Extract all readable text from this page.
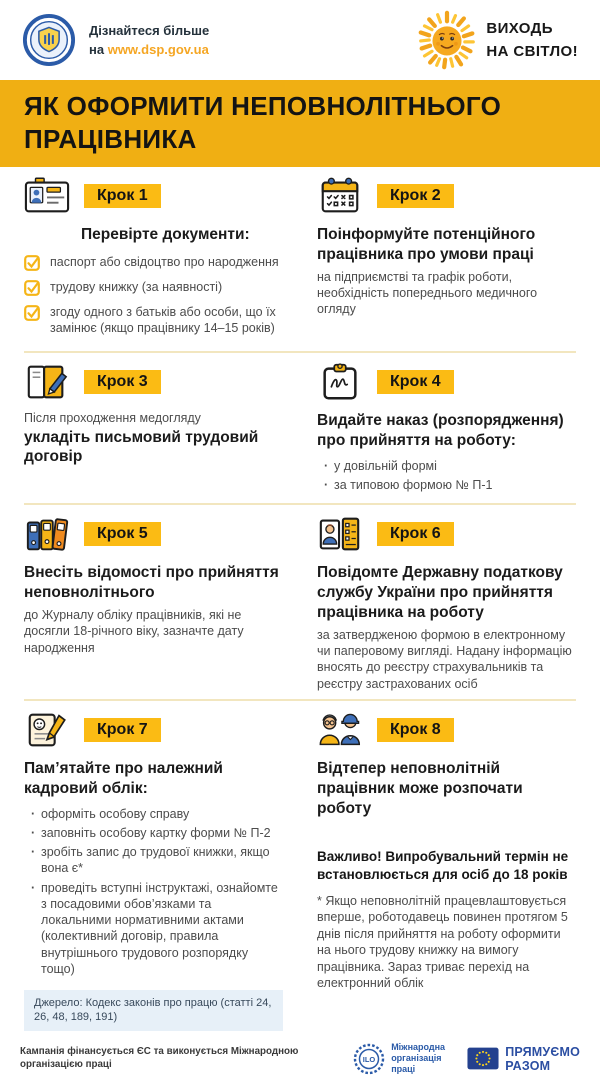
Дізнайтеся більше
на www.dsp.gov.ua
ВИХОДЬ
НА СВІТЛО!
ЯК ОФОРМИТИ НЕПОВНОЛІТНЬОГО ПРАЦІВНИКА
Крок 1
Перевірте документи:
паспорт або свідоцтво про народження
трудову книжку (за наявності)
згоду одного з батьків або особи, що їх замінює (якщо працівнику 14–15 років)
Крок 2
Поінформуйте потенційного працівника про умови праці
на підприємстві та графік роботи, необхідність попереднього медичного огляду
Крок 3
Після проходження медогляду
укладіть письмовий трудовий договір
Крок 4
Видайте наказ (розпорядження) про прийняття на роботу:
· у довільній формі
· за типовою формою № П-1
Крок 5
Внесіть відомості про прийняття неповнолітнього
до Журналу обліку працівників, які не досягли 18-річного віку, зазначте дату народження
Крок 6
Повідомте Державну податкову службу України про прийняття працівника на роботу
за затвердженою формою в електронному чи паперовому вигляді. Надану інформацію вносять до реєстру страхувальників та реєстру застрахованих осіб
Крок 7
Пам’ятайте про належний кадровий облік:
· оформіть особову справу
· заповніть особову картку форми № П-2
· зробіть запис до трудової книжки, якщо вона є*
· проведіть вступні інструктажі, ознайомте з посадовими обов’язками та локальними нормативними актами (колективний договір, правила внутрішнього трудового розпорядку тощо)
Джерело: Кодекс законів про працю (статті 24, 26, 48, 189, 191)
Крок 8
Відтепер неповнолітній працівник може розпочати роботу
Важливо! Випробувальний термін не встановлюється для осіб до 18 років
* Якщо неповнолітній працевлаштовується вперше, роботодавець повинен протягом 5 днів після прийняття на роботу оформити на нього трудову книжку на вимогу працівника. Зараз триває перехід на електронний облік
Кампанія фінансується ЄС та виконується Міжнародною організацією праці	ILO
Міжнародна організація праці
ПРЯМУЄМО
РАЗОМ
